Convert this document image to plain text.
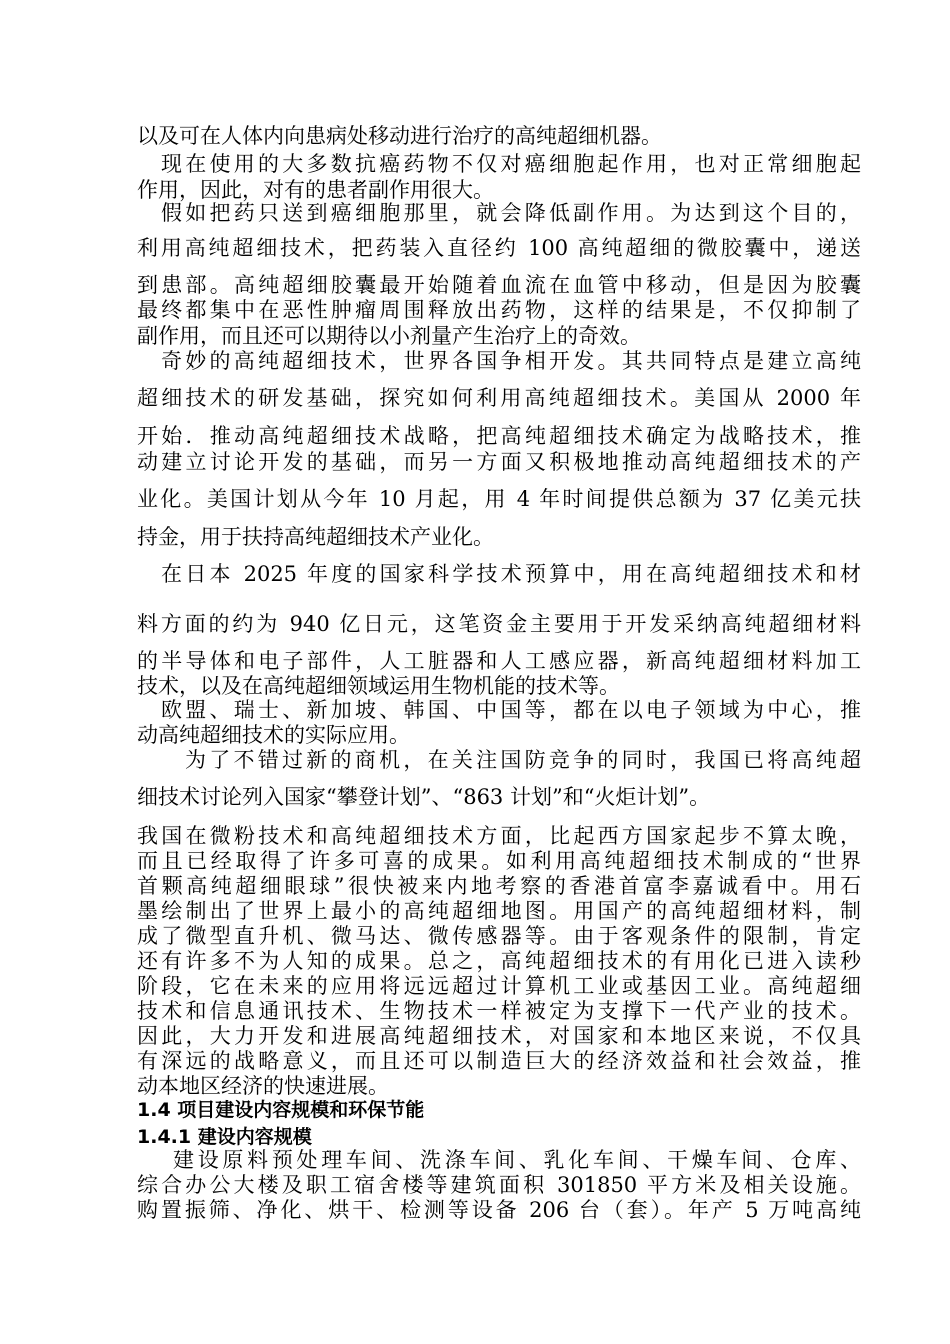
以及可在人体内向患病处移动进行治疗的高纯超细机器。
现在使用的大多数抗癌药物不仅对癌细胞起作用，也对正常细胞起
作用，因此，对有的患者副作用很大。
假如把药只送到癌细胞那里，就会降低副作用。为达到这个目的，
利用高纯超细技术，把药装入直径约 100 高纯超细的微胶囊中，递送
到患部。高纯超细胶囊最开始随着血流在血管中移动，但是因为胶囊
最终都集中在恶性肿瘤周围释放出药物，这样的结果是，不仅抑制了
副作用，而且还可以期待以小剂量产生治疗上的奇效。
奇妙的高纯超细技术，世界各国争相开发。其共同特点是建立高纯
超细技术的研发基础，探究如何利用高纯超细技术。美国从 2000 年
开始．推动高纯超细技术战略，把高纯超细技术确定为战略技术，推
动建立讨论开发的基础，而另一方面又积极地推动高纯超细技术的产
业化。美国计划从今年 10 月起，用 4 年时间提供总额为 37 亿美元扶
持金，用于扶持高纯超细技术产业化。
在日本 2025 年度的国家科学技术预算中，用在高纯超细技术和材
料方面的约为 940 亿日元，这笔资金主要用于开发采纳高纯超细材料
的半导体和电子部件，人工脏器和人工感应器，新高纯超细材料加工
技术，以及在高纯超细领域运用生物机能的技术等。
欧盟、瑞士、新加坡、韩国、中国等，都在以电子领域为中心，推
动高纯超细技术的实际应用。
为了不错过新的商机，在关注国防竞争的同时，我国已将高纯超
细技术讨论列入国家“攀登计划”、“863 计划”和“火炬计划”。
我国在微粉技术和高纯超细技术方面，比起西方国家起步不算太晚，
而且已经取得了许多可喜的成果。如利用高纯超细技术制成的“世界
首颗高纯超细眼球”很快被来内地考察的香港首富李嘉诚看中。用石
墨绘制出了世界上最小的高纯超细地图。用国产的高纯超细材料，制
成了微型直升机、微马达、微传感器等。由于客观条件的限制，肯定
还有许多不为人知的成果。总之，高纯超细技术的有用化已进入读秒
阶段，它在未来的应用将远远超过计算机工业或基因工业。高纯超细
技术和信息通讯技术、生物技术一样被定为支撑下一代产业的技术。
因此，大力开发和进展高纯超细技术，对国家和本地区来说，不仅具
有深远的战略意义，而且还可以制造巨大的经济效益和社会效益，推
动本地区经济的快速进展。
1.4 项目建设内容规模和环保节能
1.4.1 建设内容规模
建设原料预处理车间、洗涤车间、乳化车间、干燥车间、仓库、
综合办公大楼及职工宿舍楼等建筑面积 301850 平方米及相关设施。
购置振筛、净化、烘干、检测等设备 206 台（套）。年产 5 万吨高纯
